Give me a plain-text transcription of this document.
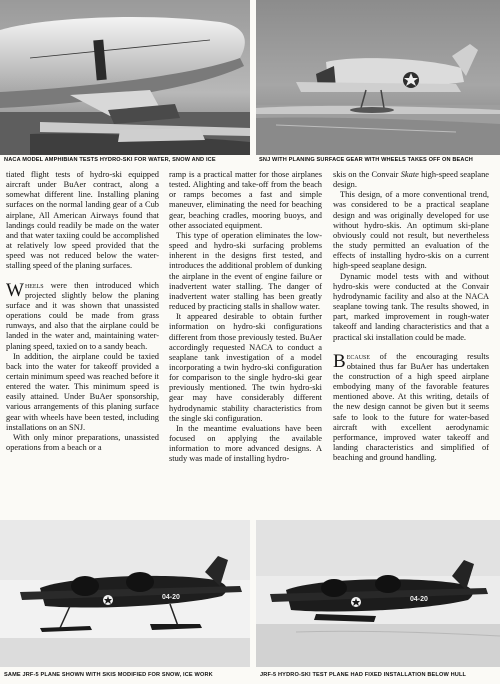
NACA MODEL AMPHIBIAN TESTS HYDRO-SKI FOR WATER, SNOW AND ICE	SNJ WITH PLANING SURFACE GEAR WITH WHEELS TAKES OFF ON BEACH

tiated flight tests of hydro-ski equipped aircraft under BuAer contract, along a somewhat different line. Installing planing surfaces on the normal landing gear of a Cub airplane, All American Airways found that landings could readily be made on the water and that water taxiing could be accomplished at relatively low speed provided that the speed was not reduced below the water-stalling speed of the planing surfaces.

Wheels were then introduced which projected slightly below the planing surface and it was shown that unassisted operations could be made from grass runways, and also that the airplane could be landed in the water and, maintaining water-planing speed, taxied on to a sandy beach.

In addition, the airplane could be taxied back into the water for takeoff provided a certain minimum speed was reached before it entered the water. This minimum speed is easily attained. Under BuAer sponsorship, various arrangements of this planing surface gear with wheels have been tested, including installations on an SNJ.

With only minor preparations, unassisted operations from a beach or a

ramp is a practical matter for those airplanes tested. Alighting and take-off from the beach or ramps becomes a fast and simple maneuver, eliminating the need for beaching gear, beaching cradles, mooring buoys, and other associated equipment.

This type of operation eliminates the low-speed and hydro-ski surfacing problems inherent in the designs first tested, and introduces the additional problem of dunking the airplane in the event of engine failure or inadvertent water stalling. The danger of inadvertent water stalling has been greatly reduced by practicing stalls in shallow water.

It appeared desirable to obtain further information on hydro-ski configurations different from those previously tested. BuAer accordingly requested NACA to conduct a seaplane tank investigation of a model incorporating a twin hydro-ski configuration for comparison to the single hydro-ski gear previously mentioned. The twin hydro-ski gear may have considerably different hydrodynamic stability characteristics from the single ski configuration.

In the meantime evaluations have been focused on applying the available information to more advanced designs. A study was made of installing hydro-

skis on the Convair Skate high-speed seaplane design.

This design, of a more conventional trend, was considered to be a practical seaplane design and was originally developed for use without hydro-skis. An optimum ski-plane obviously could not result, but nevertheless the study permitted an evaluation of the effects of installing hydro-skis on a current high-speed seaplane design.

Dynamic model tests with and without hydro-skis were conducted at the Convair hydrodynamic facility and also at the NACA seaplane towing tank. The results showed, in part, marked improvement in rough-water takeoff and landing characteristics and that a practical ski installation could be made.

Because of the encouraging results obtained thus far BuAer has undertaken the construction of a high speed airplane embodying many of the favorable features mentioned above. At this writing, details of the new design cannot be given but it seems safe to look to the future for water-based aircraft with excellent aerodynamic performance, improved water takeoff and landing characteristics and simplified of beaching and ground handling.

04-20
SAME JRF-5 PLANE SHOWN WITH SKIS MODIFIED FOR SNOW, ICE WORK
04-20
JRF-5 HYDRO-SKI TEST PLANE HAD FIXED INSTALLATION BELOW HULL
